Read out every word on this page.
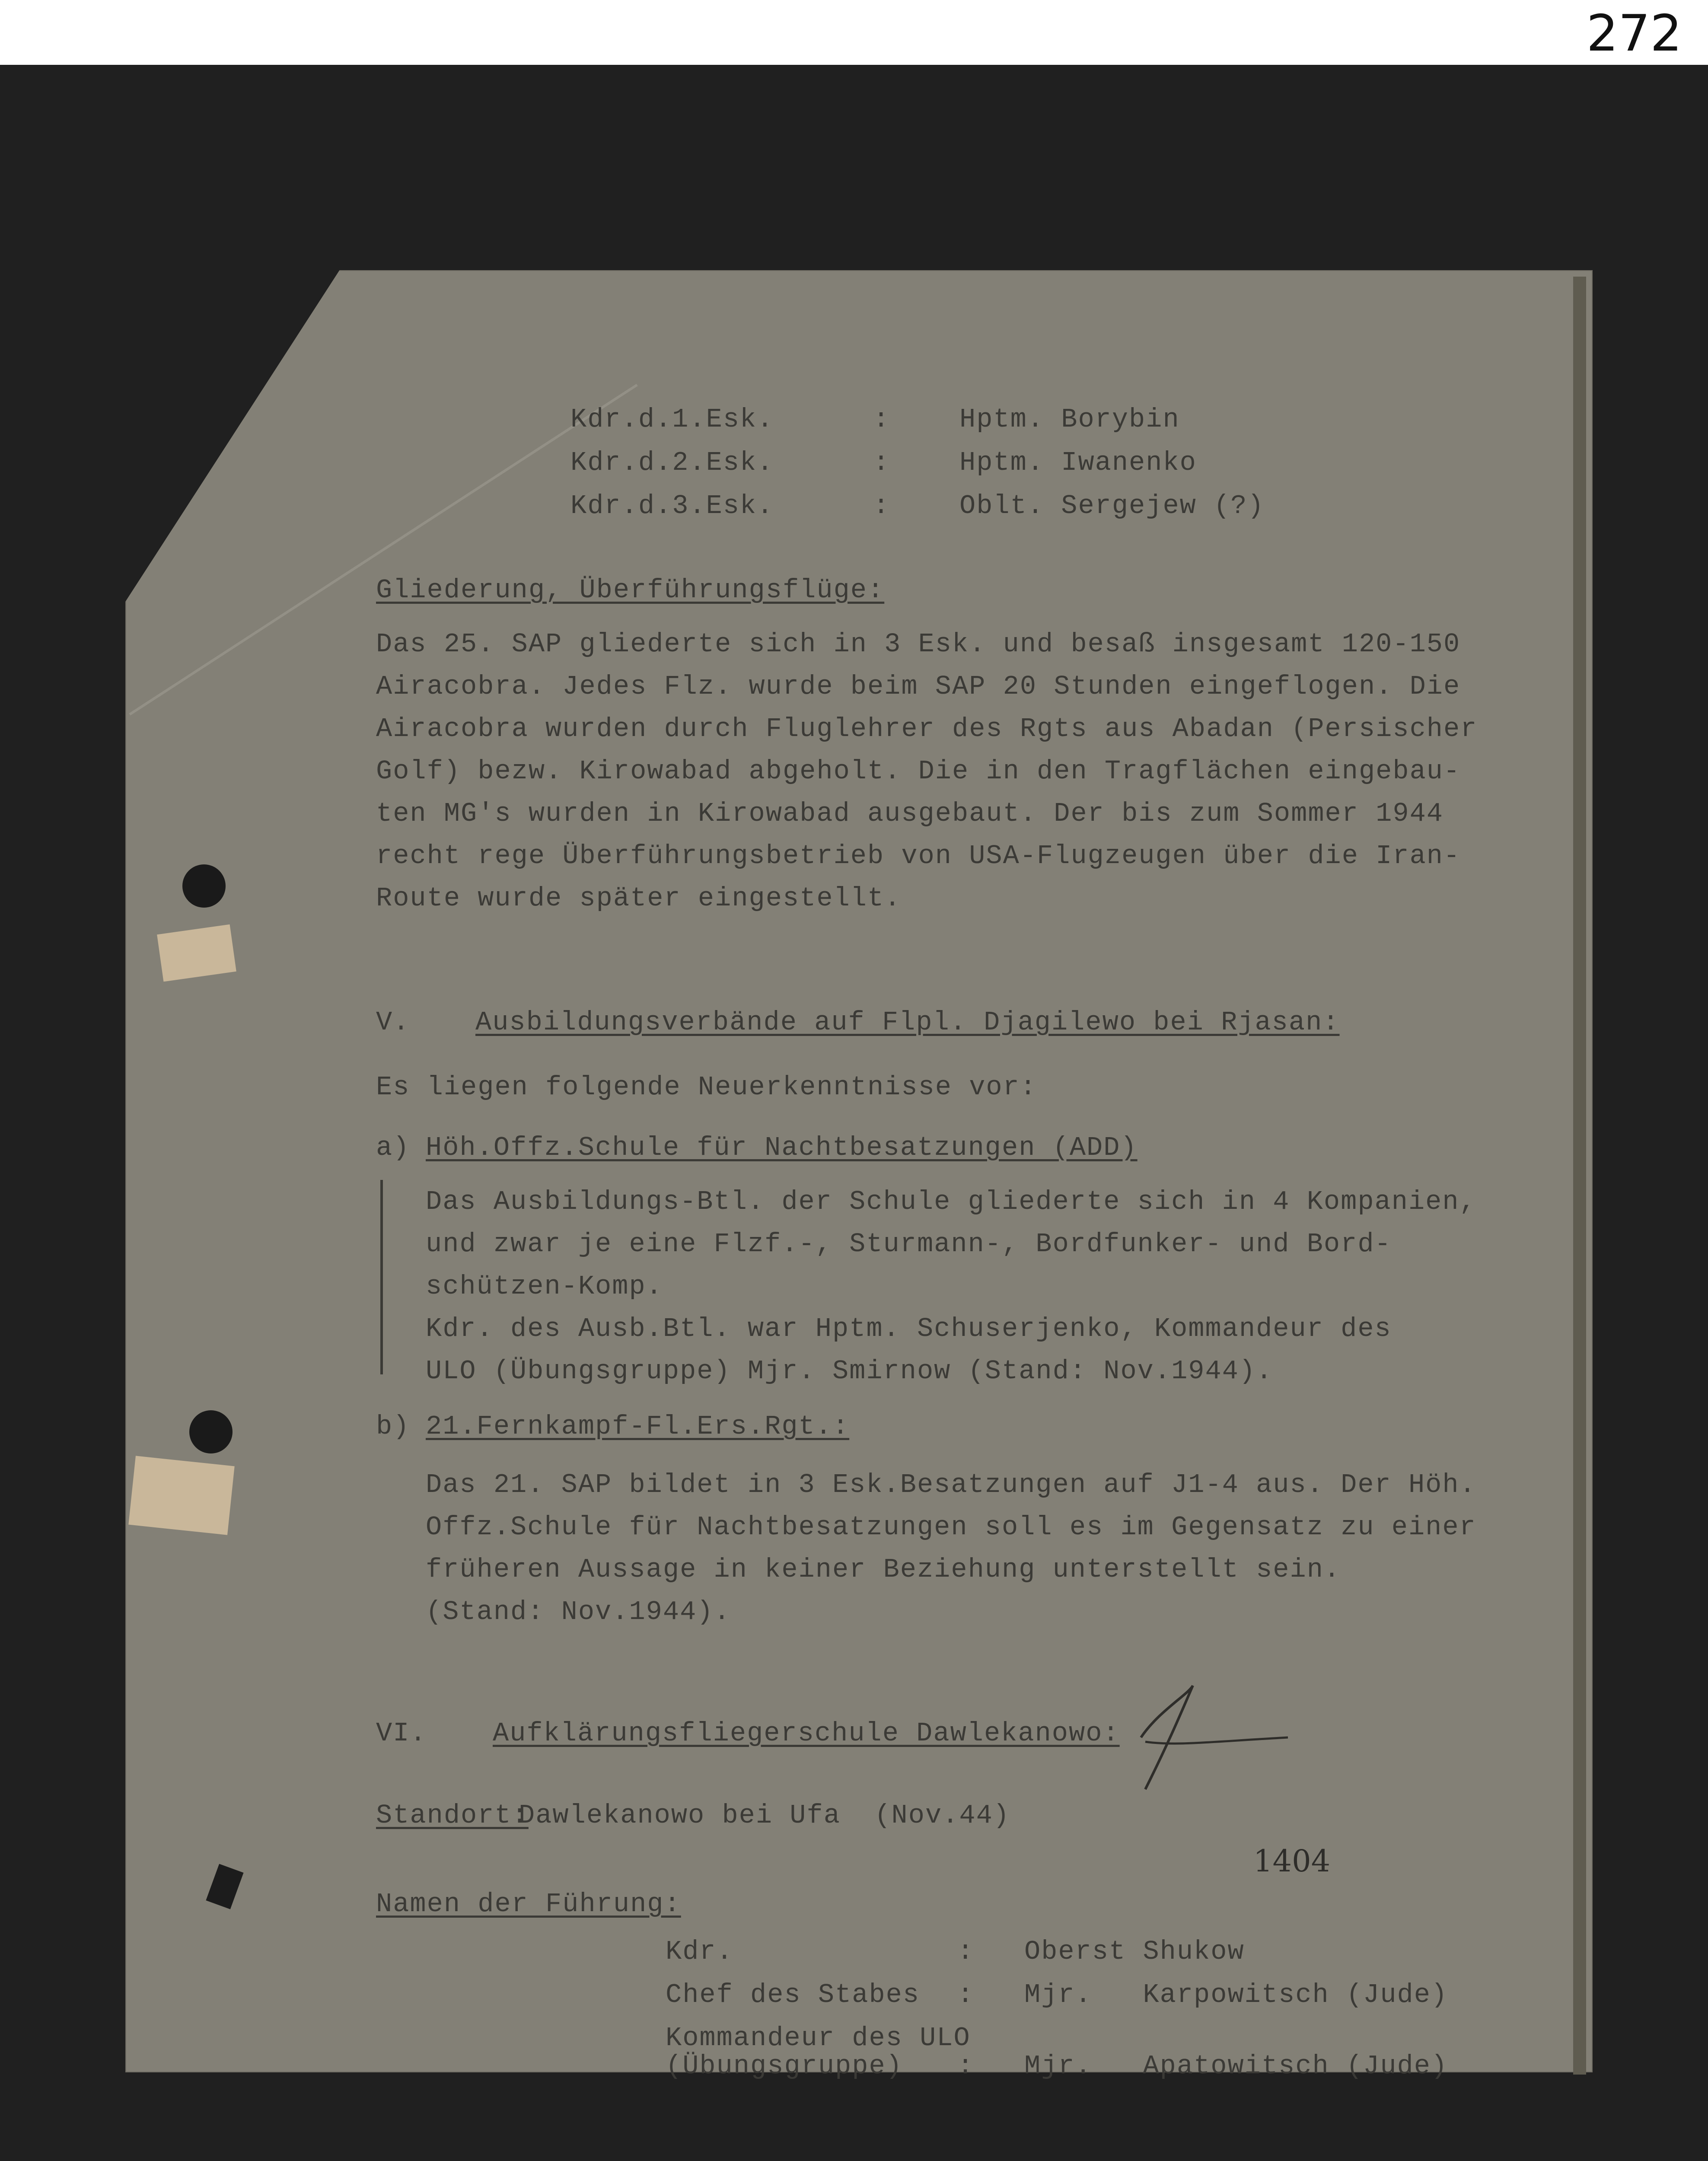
272
Kdr.d.1.Esk.	:	Hptm. Borybin
Kdr.d.2.Esk.	:	Hptm. Iwanenko
Kdr.d.3.Esk.	:	Oblt. Sergejew (?)
Gliederung, Überführungsflüge:
Das 25. SAP gliederte sich in 3 Esk. und besaß insgesamt 120-150
Airacobra. Jedes Flz. wurde beim SAP 20 Stunden eingeflogen. Die
Airacobra wurden durch Fluglehrer des Rgts aus Abadan (Persischer
Golf) bezw. Kirowabad abgeholt. Die in den Tragflächen eingebau-
ten MG's wurden in Kirowabad ausgebaut. Der bis zum Sommer 1944
recht rege Überführungsbetrieb von USA-Flugzeugen über die Iran-
Route wurde später eingestellt.
V. Ausbildungsverbände auf Flpl. Djagilewo bei Rjasan:
Es liegen folgende Neuerkenntnisse vor:
a) Höh.Offz.Schule für Nachtbesatzungen (ADD)
Das Ausbildungs-Btl. der Schule gliederte sich in 4 Kompanien,
und zwar je eine Flzf.-, Sturmann-, Bordfunker- und Bord-
schützen-Komp.
Kdr. des Ausb.Btl. war Hptm. Schuserjenko, Kommandeur des
ULO (Übungsgruppe) Mjr. Smirnow (Stand: Nov.1944).
b) 21.Fernkampf-Fl.Ers.Rgt.:
Das 21. SAP bildet in 3 Esk.Besatzungen auf J1-4 aus. Der Höh.
Offz.Schule für Nachtbesatzungen soll es im Gegensatz zu einer
früheren Aussage in keiner Beziehung unterstellt sein.
(Stand: Nov.1944).
VI. Aufklärungsfliegerschule Dawlekanowo:
Standort:
Dawlekanowo bei Ufa  (Nov.44)
1404
Namen der Führung:
Kdr.	: Oberst Shukow
Chef des Stabes : Mjr.   Karpowitsch (Jude)
Kommandeur des ULO
(Übungsgruppe) : Mjr.   Apatowitsch (Jude)
